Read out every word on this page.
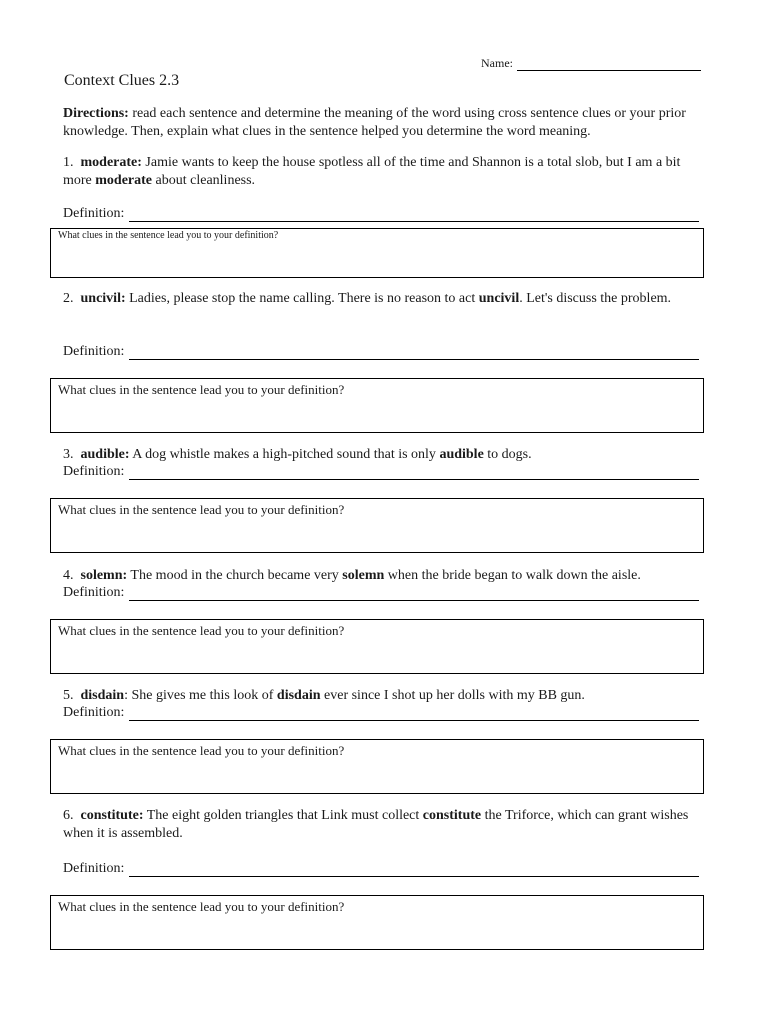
Name:
Context Clues 2.3

Directions: read each sentence and determine the meaning of the word using cross sentence clues or your prior knowledge. Then, explain what clues in the sentence helped you determine the word meaning.

1. moderate: Jamie wants to keep the house spotless all of the time and Shannon is a total slob, but I am a bit more moderate about cleanliness.

Definition:
What clues in the sentence lead you to your definition?

2. uncivil: Ladies, please stop the name calling. There is no reason to act uncivil. Let's discuss the problem.

Definition:
What clues in the sentence lead you to your definition?

3. audible: A dog whistle makes a high-pitched sound that is only audible to dogs.

Definition:
What clues in the sentence lead you to your definition?

4. solemn: The mood in the church became very solemn when the bride began to walk down the aisle.

Definition:
What clues in the sentence lead you to your definition?

5. disdain: She gives me this look of disdain ever since I shot up her dolls with my BB gun.

Definition:
What clues in the sentence lead you to your definition?

6. constitute: The eight golden triangles that Link must collect constitute the Triforce, which can grant wishes when it is assembled.

Definition:
What clues in the sentence lead you to your definition?
